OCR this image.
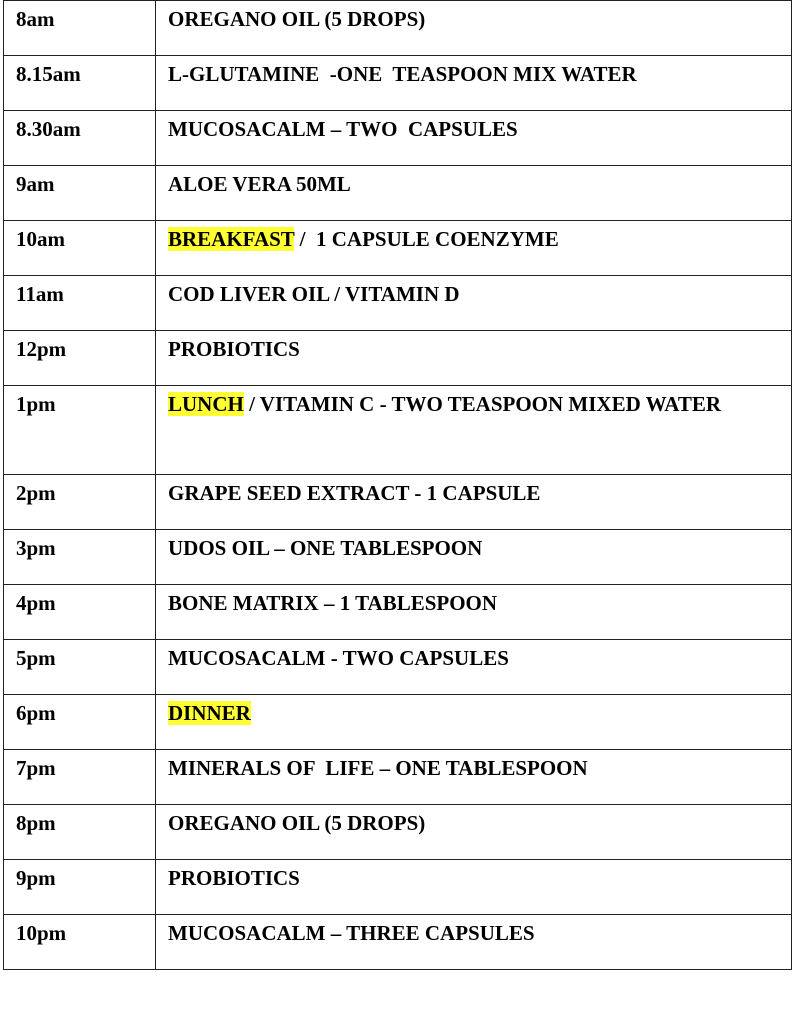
8am	OREGANO OIL (5 DROPS)
8.15am	L-GLUTAMINE  -ONE  TEASPOON MIX WATER
8.30am	MUCOSACALM – TWO  CAPSULES
9am	ALOE VERA 50ML
10am	BREAKFAST /  1 CAPSULE COENZYME
11am	COD LIVER OIL / VITAMIN D
12pm	PROBIOTICS
1pm	LUNCH / VITAMIN C - TWO TEASPOON MIXED WATER
2pm	GRAPE SEED EXTRACT - 1 CAPSULE
3pm	UDOS OIL – ONE TABLESPOON
4pm	BONE MATRIX – 1 TABLESPOON
5pm	MUCOSACALM - TWO CAPSULES
6pm	DINNER
7pm	MINERALS OF  LIFE – ONE TABLESPOON
8pm	OREGANO OIL (5 DROPS)
9pm	PROBIOTICS
10pm	MUCOSACALM – THREE CAPSULES
